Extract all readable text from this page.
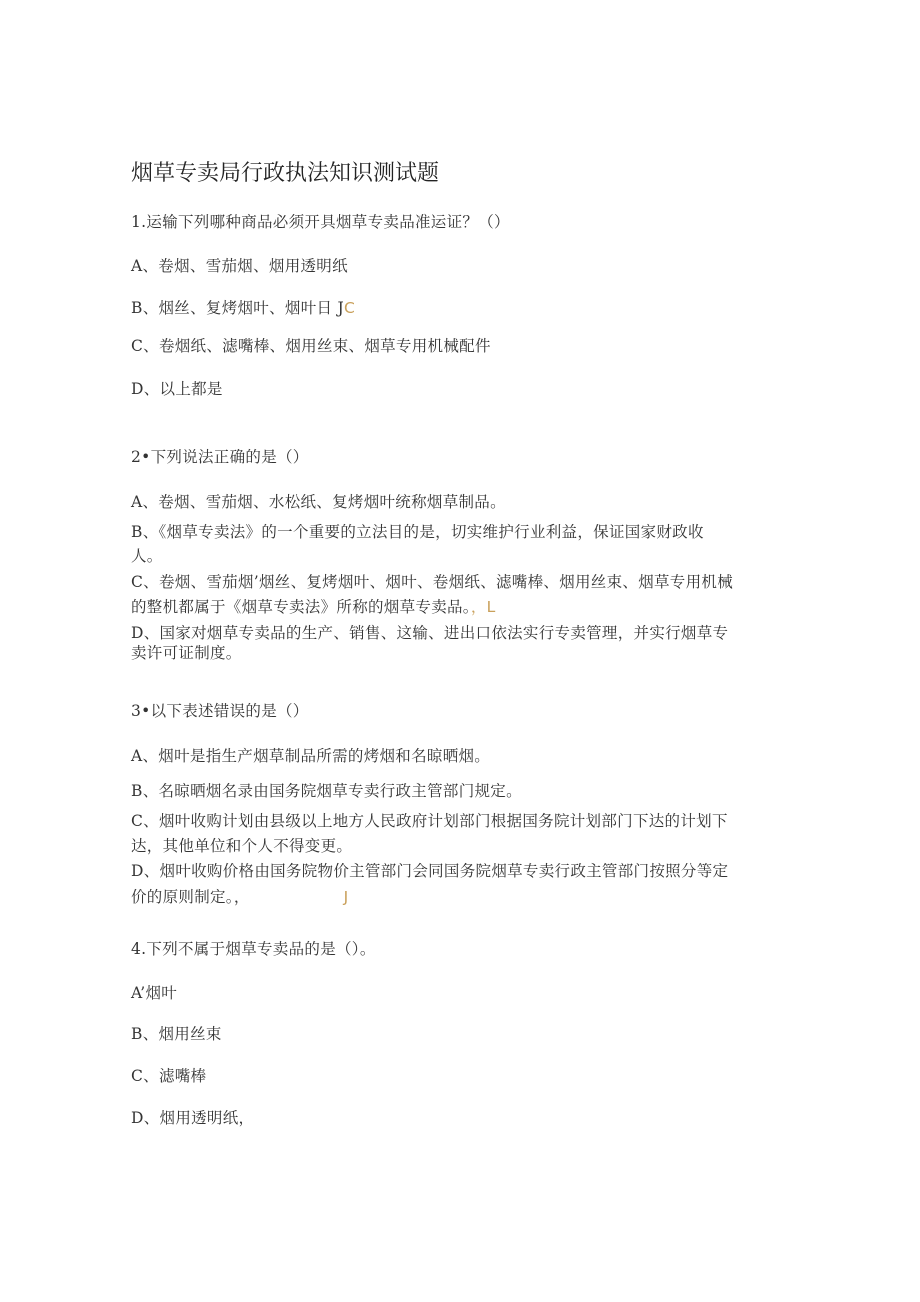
烟草专卖局行政执法知识测试题
1.运输下列哪种商品必须开具烟草专卖品准运证？（）
A、卷烟、雪茄烟、烟用透明纸
B、烟丝、复烤烟叶、烟叶日 JC
C、卷烟纸、滤嘴棒、烟用丝束、烟草专用机械配件
D、以上都是
2•下列说法正确的是（）
A、卷烟、雪茄烟、水松纸、复烤烟叶统称烟草制品。
B、《烟草专卖法》的一个重要的立法目的是，切实维护行业利益，保证国家财政收
人。
C、卷烟、雪茄烟’烟丝、复烤烟叶、烟叶、卷烟纸、滤嘴棒、烟用丝束、烟草专用机械
的整机都属于《烟草专卖法》所称的烟草专卖品。，L
D、国家对烟草专卖品的生产、销售、这输、进出口依法实行专卖管理，并实行烟草专
卖许可证制度。
3•以下表述错误的是（）
A、烟叶是指生产烟草制品所需的烤烟和名晾晒烟。
B、名晾晒烟名录由国务院烟草专卖行政主管部门规定。
C、烟叶收购计划由县级以上地方人民政府计划部门根据国务院计划部门下达的计划下
达，其他单位和个人不得变更。
D、烟叶收购价格由国务院物价主管部门会同国务院烟草专卖行政主管部门按照分等定
价的原则制定。，	J
4.下列不属于烟草专卖品的是（）。
A’烟叶
B、烟用丝束
C、滤嘴棒
D、烟用透明纸，
